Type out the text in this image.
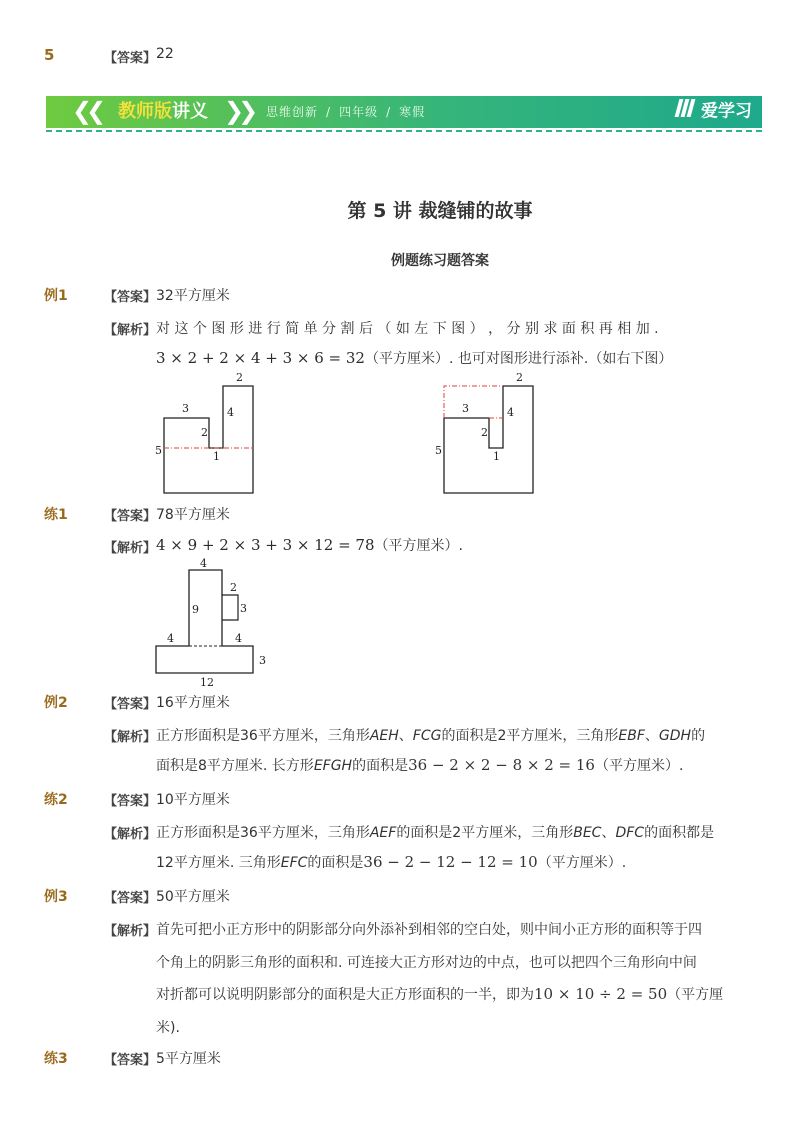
5	【答案】 22
❮❮ 教师版讲义 ❯❯ 思维创新 / 四年级 / 寒假	爱学习
第 5 讲 裁缝铺的故事
例题练习题答案
例1	【答案】 32平方厘米
【解析】 对 这 个 图 形 进 行 简 单 分 割 后 （ 如 左 下 图 ） ， 分 别 求 面 积 再 相 加 .
3 × 2 + 2 × 4 + 3 × 6 = 32（平方厘米）. 也可对图形进行添补.（如右下图）
2
3	4
2
5	1
2
3	4
2
5	1
练1	【答案】 78平方厘米
【解析】 4 × 9 + 2 × 3 + 3 × 12 = 78（平方厘米）.
4
9
2
3
4	4
3
12
例2	【答案】 16平方厘米
【解析】 正方形面积是36平方厘米，三角形AEH、FCG的面积是2平方厘米，三角形EBF、GDH的
面积是8平方厘米. 长方形EFGH的面积是36 − 2 × 2 − 8 × 2 = 16（平方厘米）.
练2	【答案】 10平方厘米
【解析】 正方形面积是36平方厘米，三角形AEF的面积是2平方厘米，三角形BEC、DFC的面积都是
12平方厘米. 三角形EFC的面积是36 − 2 − 12 − 12 = 10（平方厘米）.
例3	【答案】 50平方厘米
【解析】 首先可把小正方形中的阴影部分向外添补到相邻的空白处，则中间小正方形的面积等于四
个角上的阴影三角形的面积和. 可连接大正方形对边的中点，也可以把四个三角形向中间
对折都可以说明阴影部分的面积是大正方形面积的一半，即为10 × 10 ÷ 2 = 50（平方厘
米).
练3	【答案】 5平方厘米
